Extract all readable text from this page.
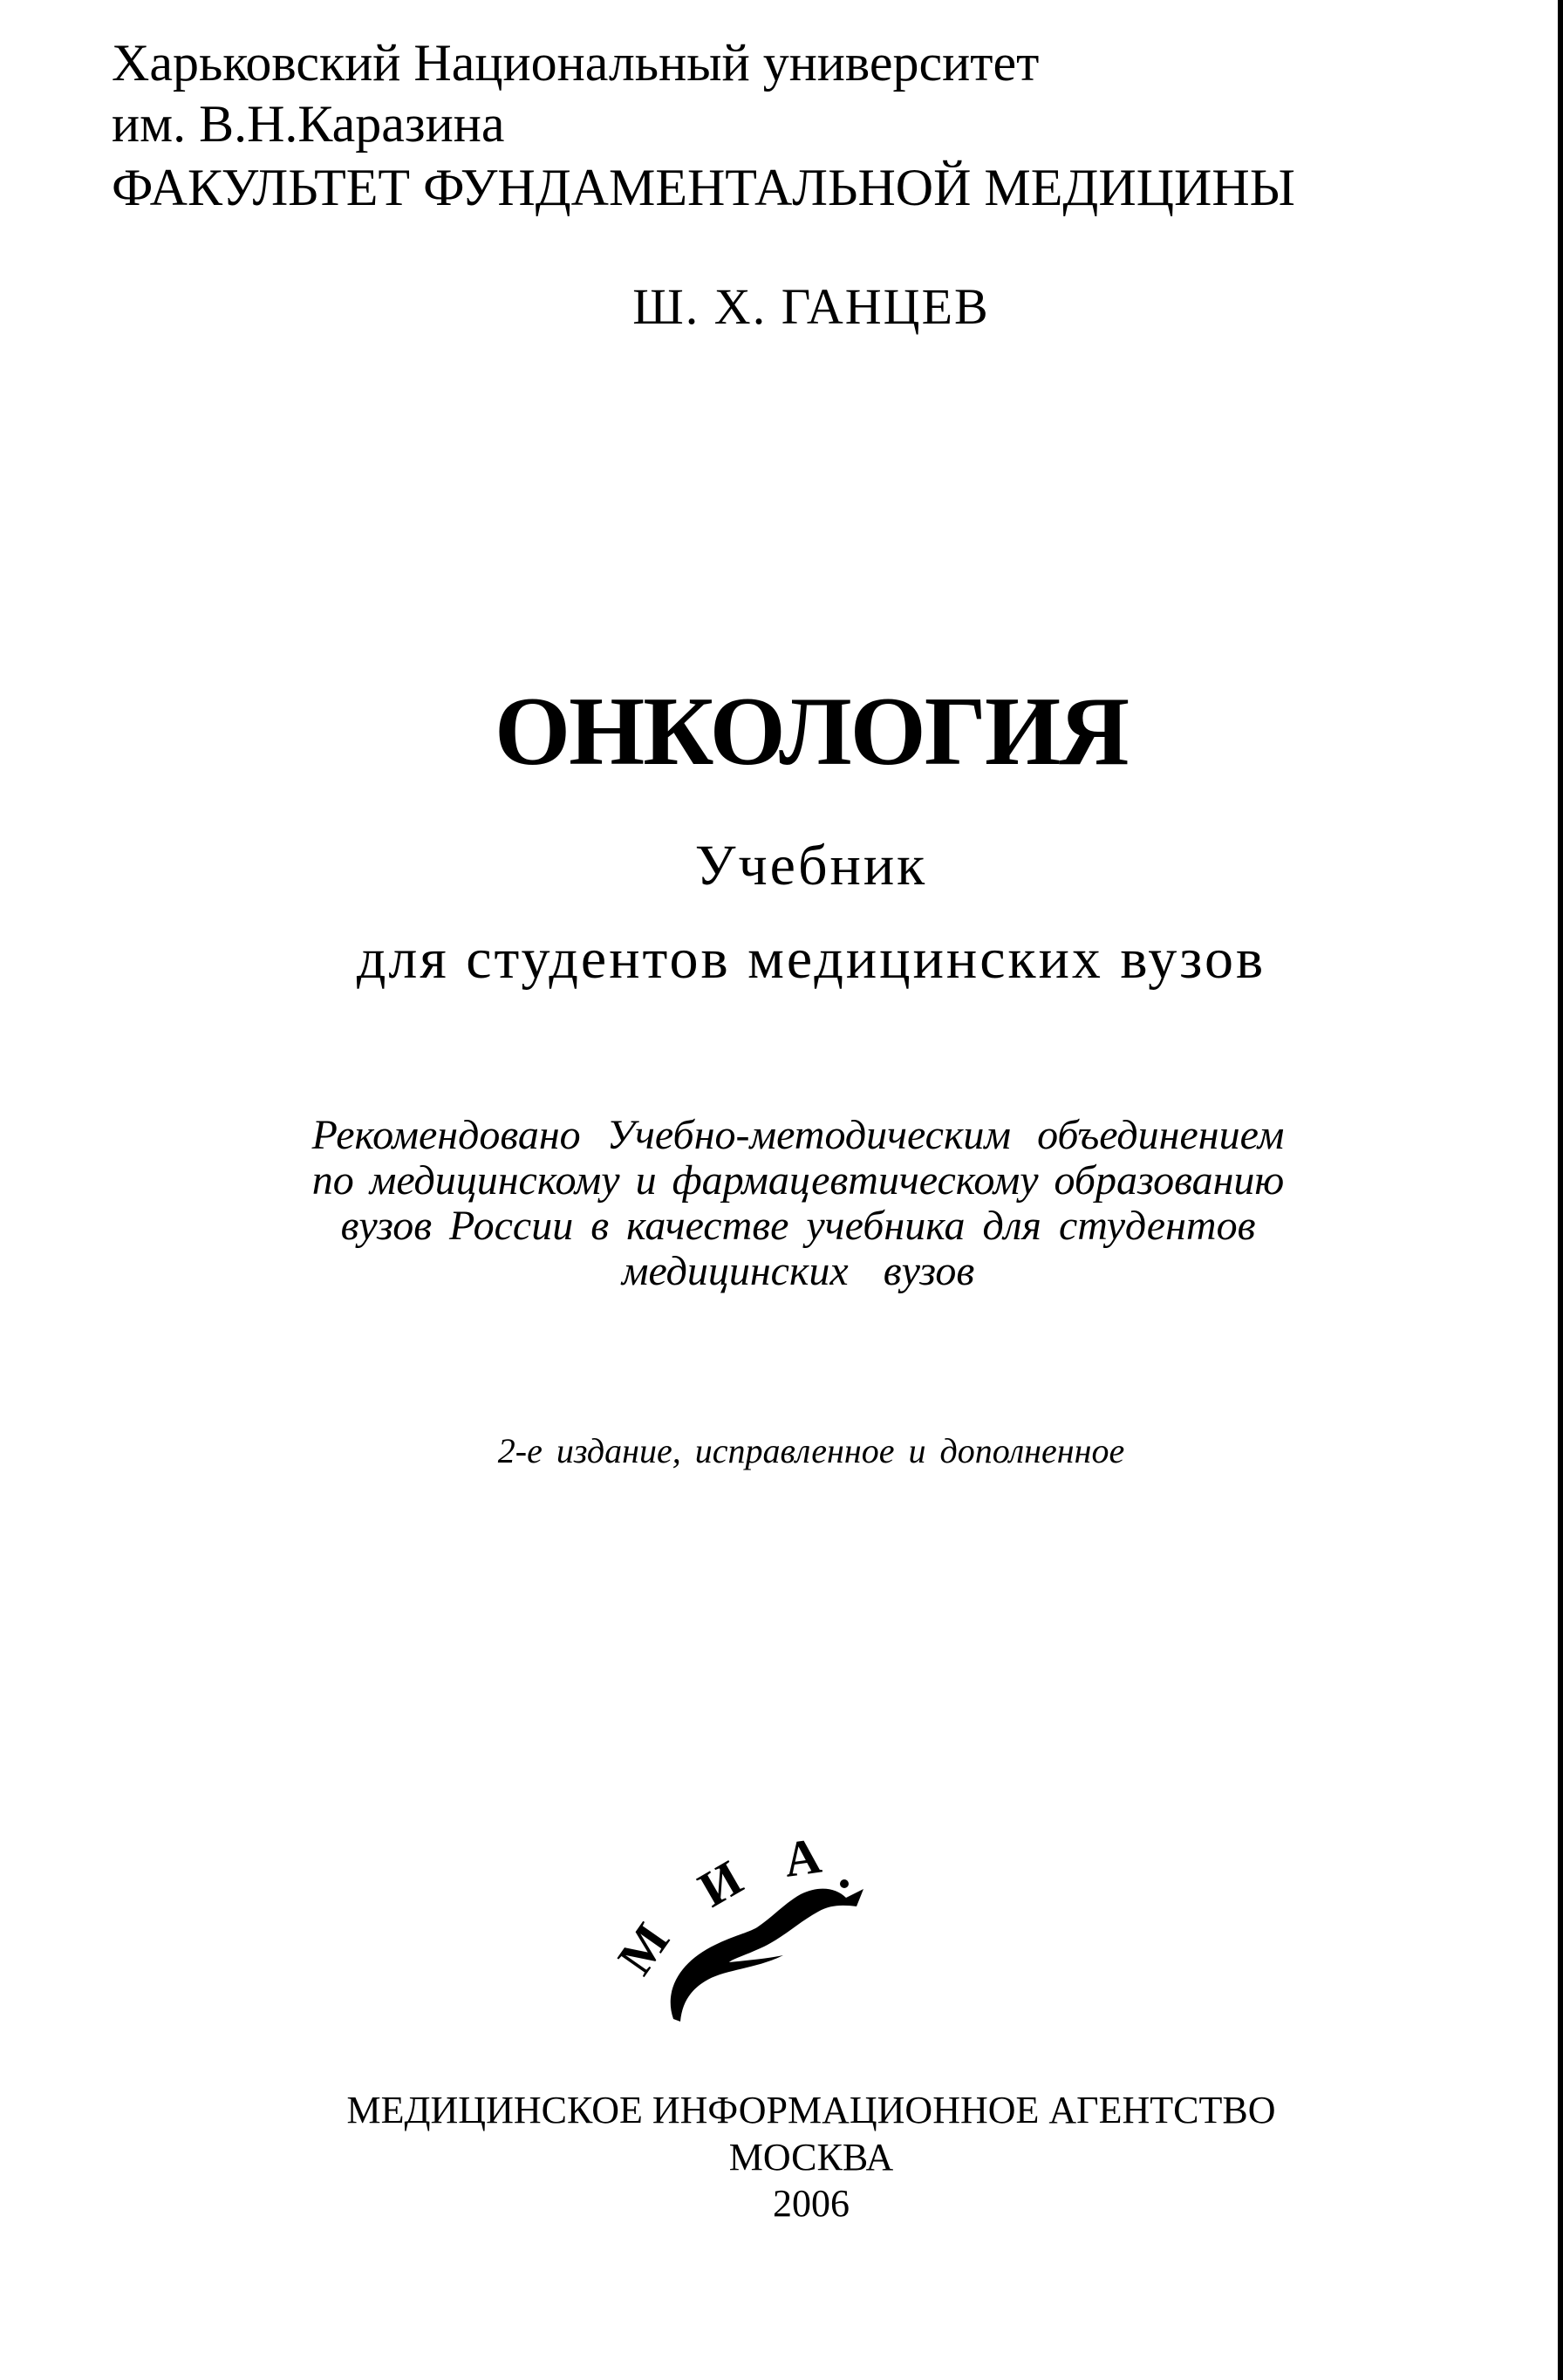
Харьковский Национальный университет
им. В.Н.Каразина
ФАКУЛЬТЕТ ФУНДАМЕНТАЛЬНОЙ МЕДИЦИНЫ
Ш. Х. ГАНЦЕВ
ОНКОЛОГИЯ
Учебник
для студентов медицинских вузов
Рекомендовано Учебно-методическим объединением
по медицинскому и фармацевтическому образованию
вузов России в качестве учебника для студентов
медицинских вузов
2-е издание, исправленное и дополненное
М
И А
МЕДИЦИНСКОЕ ИНФОРМАЦИОННОЕ АГЕНТСТВО
МОСКВА
2006
